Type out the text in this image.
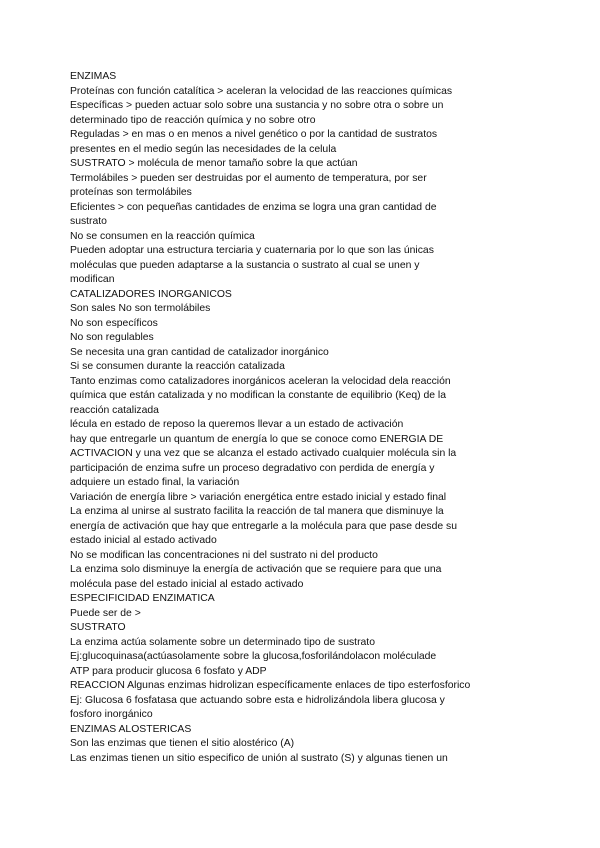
ENZIMAS
Proteínas con función catalítica > aceleran la velocidad de las reacciones químicas
Específicas > pueden actuar solo sobre una sustancia y no sobre otra o sobre un
determinado tipo de reacción química y no sobre otro
Reguladas > en mas o en menos a nivel genético o por la cantidad de sustratos
presentes en el medio según las necesidades de la celula
SUSTRATO > molécula de menor tamaño sobre la que actúan
Termolábiles > pueden ser destruidas por el aumento de temperatura, por ser
proteínas son termolábiles
Eficientes > con pequeñas cantidades de enzima se logra una gran cantidad de
sustrato
No se consumen en la reacción química
Pueden adoptar una estructura terciaria y cuaternaria por lo que son las únicas
moléculas que pueden adaptarse a la sustancia o sustrato al cual se unen y
modifican
CATALIZADORES INORGANICOS
Son sales No son termolábiles
No son específicos
No son regulables
Se necesita una gran cantidad de catalizador inorgánico
Si se consumen durante la reacción catalizada
Tanto enzimas como catalizadores inorgánicos aceleran la velocidad dela reacción
química que están catalizada y no modifican la constante de equilibrio (Keq) de la
reacción catalizada
lécula en estado de reposo la queremos llevar a un estado de activación
hay que entregarle un quantum de energía lo que se conoce como ENERGIA DE
ACTIVACION y una vez que se alcanza el estado activado cualquier molécula sin la
participación de enzima sufre un proceso degradativo con perdida de energía y
adquiere un estado final, la variación
Variación de energía libre > variación energética entre estado inicial y estado final
La enzima al unirse al sustrato facilita la reacción de tal manera que disminuye la
energía de activación que hay que entregarle a la molécula para que pase desde su
estado inicial al estado activado
No se modifican las concentraciones ni del sustrato ni del producto
La enzima solo disminuye la energía de activación que se requiere para que una
molécula pase del estado inicial al estado activado
ESPECIFICIDAD ENZIMATICA
Puede ser de >
SUSTRATO
La enzima actúa solamente sobre un determinado tipo de sustrato
Ej:glucoquinasa(actúasolamente sobre la glucosa,fosforilándolacon moléculade
ATP para producir glucosa 6 fosfato y ADP
REACCION Algunas enzimas hidrolizan específicamente enlaces de tipo esterfosforico
Ej: Glucosa 6 fosfatasa que actuando sobre esta e hidrolizándola libera glucosa y
fosforo inorgánico
ENZIMAS ALOSTERICAS
Son las enzimas que tienen el sitio alostérico (A)
Las enzimas tienen un sitio especifico de unión al sustrato (S) y algunas tienen un
